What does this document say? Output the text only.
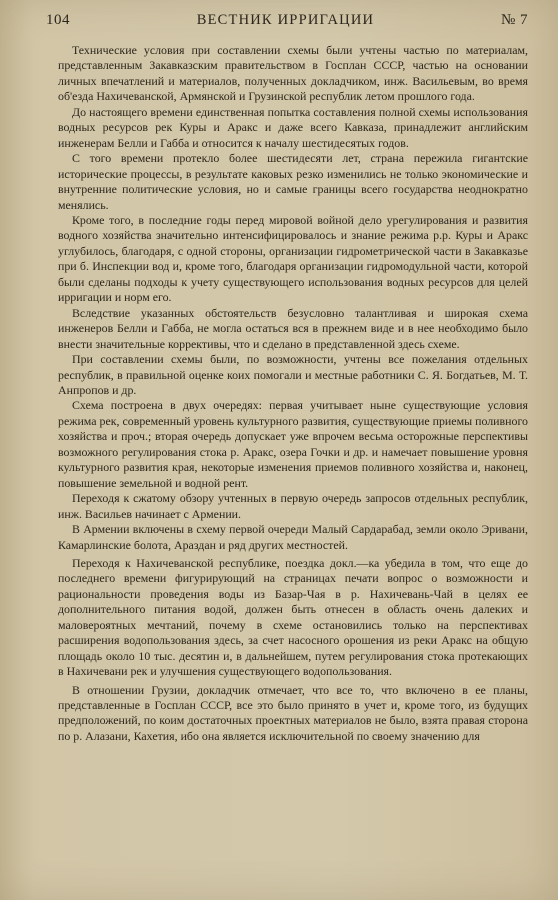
104	ВЕСТНИК ИРРИГАЦИИ	№ 7

Технические условия при составлении схемы были учтены частью по материалам, представленным Закавказским правительством в Госплан СССР, частью на основании личных впечатлений и материалов, полученных докладчиком, инж. Васильевым, во время об'езда Нахичеванской, Армянской и Грузинской республик летом прошлого года.

До настоящего времени единственная попытка составления полной схемы использования водных ресурсов рек Куры и Аракс и даже всего Кавказа, принадлежит английским инженерам Белли и Габба и относится к началу шестидесятых годов.

С того времени протекло более шестидесяти лет, страна пережила гигантские исторические процессы, в результате каковых резко изменились не только экономические и внутренние политические условия, но и самые границы всего государства неоднократно менялись.

Кроме того, в последние годы перед мировой войной дело урегулирования и развития водного хозяйства значительно интенсифицировалось и знание режима р.р. Куры и Аракс углубилось, благодаря, с одной стороны, организации гидрометрической части в Закавказье при б. Инспекции вод и, кроме того, благодаря организации гидромодульной части, которой были сделаны подходы к учету существующего использования водных ресурсов для целей ирригации и норм его.

Вследствие указанных обстоятельств безусловно талантливая и широкая схема инженеров Белли и Габба, не могла остаться вся в прежнем виде и в нее необходимо было внести значительные коррективы, что и сделано в представленной здесь схеме.

При составлении схемы были, по возможности, учтены все пожелания отдельных республик, в правильной оценке коих помогали и местные работники С. Я. Богдатьев, М. Т. Анпропов и др.

Схема построена в двух очередях: первая учитывает ныне существующие условия режима рек, современный уровень культурного развития, существующие приемы поливного хозяйства и проч.; вторая очередь допускает уже впрочем весьма осторожные перспективы возможного регулирования стока р. Аракс, озера Гочки и др. и намечает повышение уровня культурного развития края, некоторые изменения приемов поливного хозяйства и, наконец, повышение земельной и водной рент.

Переходя к сжатому обзору учтенных в первую очередь запросов отдельных республик, инж. Васильев начинает с Армении.

В Армении включены в схему первой очереди Малый Сардарабад, земли около Эривани, Камарлинские болота, Араздан и ряд других местностей.

Переходя к Нахичеванской республике, поездка докл.—ка убедила в том, что еще до последнего времени фигурирующий на страницах печати вопрос о возможности и рациональности проведения воды из Базар-Чая в р. Нахичевань-Чай в целях ее дополнительного питания водой, должен быть отнесен в область очень далеких и маловероятных мечтаний, почему в схеме остановились только на перспективах расширения водопользования здесь, за счет насосного орошения из реки Аракс на общую площадь около 10 тыс. десятин и, в дальнейшем, путем регулирования стока протекающих в Нахичевани рек и улучшения существующего водопользования.

В отношении Грузии, докладчик отмечает, что все то, что включено в ее планы, представленные в Госплан СССР, все это было принято в учет и, кроме того, из будущих предположений, по коим достаточных проектных материалов не было, взята правая сторона по р. Алазани, Кахетия, ибо она является исключительной по своему значению для
